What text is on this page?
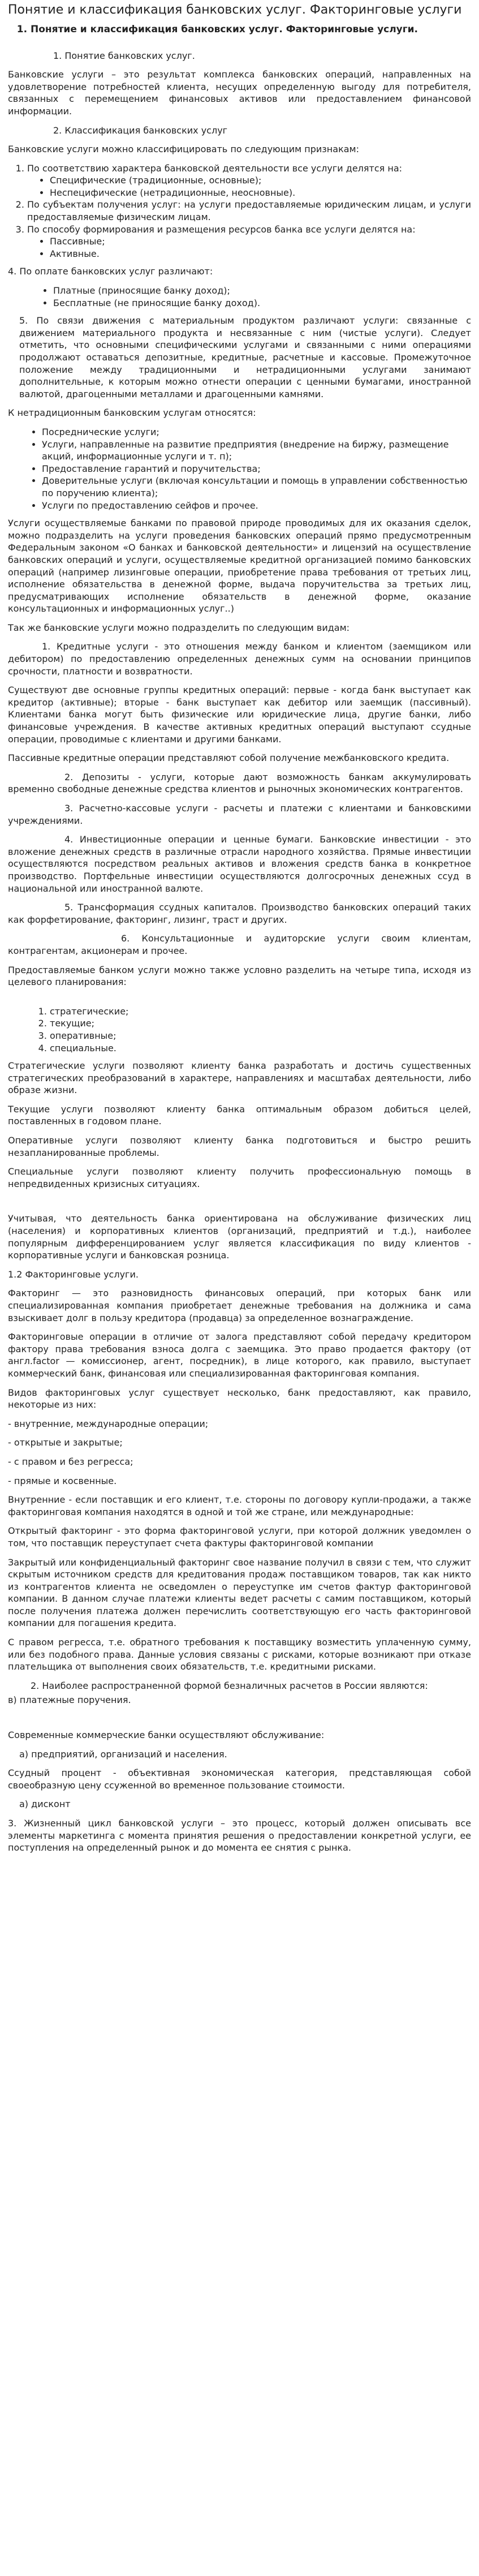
Понятие и классификация банковских услуг. Факторинговые услуги
1. Понятие и классификация банковских услуг. Факторинговые услуги.

1. Понятие банковских услуг.

Банковские услуги – это результат комплекса банковских операций, направленных на удовлетворение потребностей клиента, несущих определенную выгоду для потребителя, связанных с перемещением финансовых активов или предоставлением финансовой информации.

2. Классификация банковских услуг

Банковские услуги можно классифицировать по следующим признакам:

1. По соответствию характера банковской деятельности все услуги делятся на:
• Специфические (традиционные, основные);
• Неспецифические (нетрадиционные, неосновные).
2. По субъектам получения услуг: на услуги предоставляемые юридическим лицам, и услуги предоставляемые физическим лицам.
3. По способу формирования и размещения ресурсов банка все услуги делятся на:
• Пассивные;
• Активные.

4. По оплате банковских услуг различают:

• Платные (приносящие банку доход);
• Бесплатные (не приносящие банку доход).

5. По связи движения с материальным продуктом различают услуги: связанные с движением материального продукта и несвязанные с ним (чистые услуги). Следует отметить, что основными специфическими услугами и связанными с ними операциями продолжают оставаться депозитные, кредитные, расчетные и кассовые. Промежуточное положение между традиционными и нетрадиционными услугами занимают дополнительные, к которым можно отнести операции с ценными бумагами, иностранной валютой, драгоценными металлами и драгоценными камнями.

К нетрадиционным банковским услугам относятся:

• Посреднические услуги;
• Услуги, направленные на развитие предприятия (внедрение на биржу, размещение акций, информационные услуги и т. п);
• Предоставление гарантий и поручительства;
• Доверительные услуги (включая консультации и помощь в управлении собственностью по поручению клиента);
• Услуги по предоставлению сейфов и прочее.

Услуги осуществляемые банками по правовой природе проводимых для их оказания сделок, можно подразделить на услуги проведения банковских операций прямо предусмотренным Федеральным законом «О банках и банковской деятельности» и лицензий на осуществление банковских операций и услуги, осуществляемые кредитной организацией помимо банковских операций (например лизинговые операции, приобретение права требования от третьих лиц, исполнение обязательства в денежной форме, выдача поручительства за третьих лиц, предусматривающих исполнение обязательств в денежной форме, оказание консультационных и информационных услуг..)

Так же банковские услуги можно подразделить по следующим видам:

1. Кредитные услуги - это отношения между банком и клиентом (заемщиком или дебитором) по предоставлению определенных денежных сумм на основании принципов срочности, платности и возвратности.

Существуют две основные группы кредитных операций: первые - когда банк выступает как кредитор (активные); вторые - банк выступает как дебитор или заемщик (пассивный). Клиентами банка могут быть физические или юридические лица, другие банки, либо финансовые учреждения. В качестве активных кредитных операций выступают ссудные операции, проводимые с клиентами и другими банками.

Пассивные кредитные операции представляют собой получение межбанковского кредита.

2. Депозиты - услуги, которые дают возможность банкам аккумулировать временно свободные денежные средства клиентов и рыночных экономических контрагентов.

3. Расчетно-кассовые услуги - расчеты и платежи с клиентами и банковскими учреждениями.

4. Инвестиционные операции и ценные бумаги. Банковские инвестиции - это вложение денежных средств в различные отрасли народного хозяйства. Прямые инвестиции осуществляются посредством реальных активов и вложения средств банка в конкретное производство. Портфельные инвестиции осуществляются долгосрочных денежных ссуд в национальной или иностранной валюте.

5. Трансформация ссудных капиталов. Производство банковских операций таких как форфетирование, факторинг, лизинг, траст и других.

6. Консультационные и аудиторские услуги своим клиентам, контрагентам, акционерам и прочее.

Предоставляемые банком услуги можно также условно разделить на четыре типа, исходя из целевого планирования:

1. стратегические;
2. текущие;
3. оперативные;
4. специальные.

Стратегические услуги позволяют клиенту банка разработать и достичь существенных стратегических преобразований в характере, направлениях и масштабах деятельности, либо образе жизни.

Текущие услуги позволяют клиенту банка оптимальным образом добиться целей, поставленных в годовом плане.

Оперативные услуги позволяют клиенту банка подготовиться и быстро решить незапланированные проблемы.

Специальные услуги позволяют клиенту получить профессиональную помощь в непредвиденных кризисных ситуациях.

Учитывая, что деятельность банка ориентирована на обслуживание физических лиц (населения) и корпоративных клиентов (организаций, предприятий и т.д.), наиболее популярным дифференцированием услуг является классификация по виду клиентов - корпоративные услуги и банковская розница.

1.2 Факторинговые услуги.

Факторинг — это разновидность финансовых операций, при которых банк или специализированная компания приобретает денежные требования на должника и сама взыскивает долг в пользу кредитора (продавца) за определенное вознаграждение.

Факторинговые операции в отличие от залога представляют собой передачу кредитором фактору права требования взноса долга с заемщика. Это право продается фактору (от англ.factor — комиссионер, агент, посредник), в лице которого, как правило, выступает коммерческий банк, финансовая или специализированная факторинговая компания.

Видов факторинговых услуг существует несколько, банк предоставляют, как правило, некоторые из них:

- внутренние, международные операции;

- открытые и закрытые;

- с правом и без регресса;

- прямые и косвенные.

Внутренние - если поставщик и его клиент, т.е. стороны по договору купли-продажи, а также факторинговая компания находятся в одной и той же стране, или международные:

Открытый факторинг - это форма факторинговой услуги, при которой должник уведомлен о том, что поставщик переуступает счета фактуры факторинговой компании

Закрытый или конфиденциальный факторинг свое название получил в связи с тем, что служит скрытым источником средств для кредитования продаж поставщиком товаров, так как никто из контрагентов клиента не осведомлен о переуступке им счетов фактур факторинговой компании. В данном случае платежи клиенты ведет расчеты с самим поставщиком, который после получения платежа должен перечислить соответствующую его часть факторинговой компании для погашения кредита.

С правом регресса, т.е. обратного требования к поставщику возместить уплаченную сумму, или без подобного права. Данные условия связаны с рисками, которые возникают при отказе плательщика от выполнения своих обязательств, т.е. кредитными рисками.

2. Наиболее распространенной формой безналичных расчетов в России являются:

в) платежные поручения.

Современные коммерческие банки осуществляют обслуживание:

а) предприятий, организаций и населения.

Ссудный процент - объективная экономическая категория, представляющая собой своеобразную цену ссуженной во временное пользование стоимости.

а) дисконт

3. Жизненный цикл банковской услуги – это процесс, который должен описывать все элементы маркетинга с момента принятия решения о предоставлении конкретной услуги, ее поступления на определенный рынок и до момента ее снятия с рынка.
